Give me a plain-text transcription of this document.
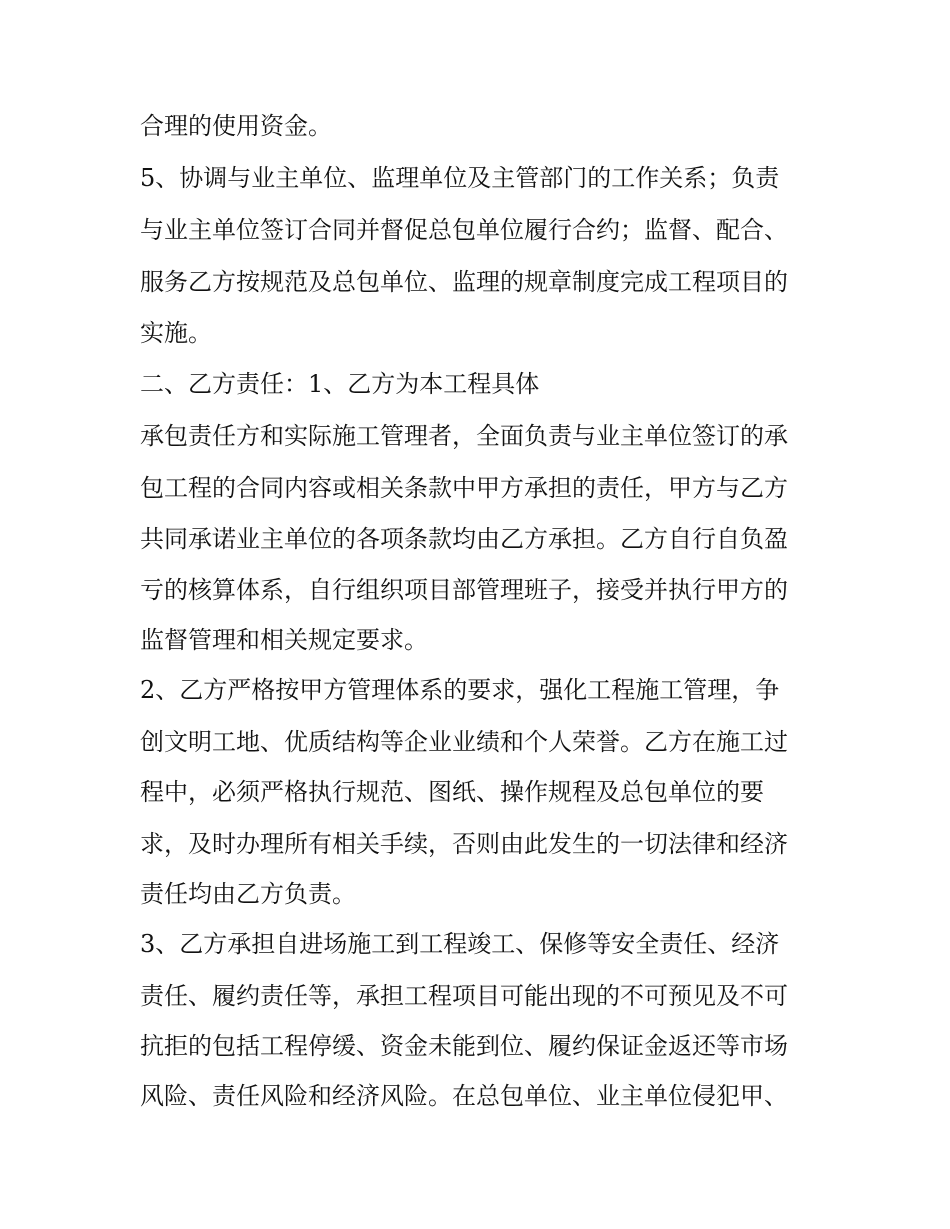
合理的使用资金。

5、协调与业主单位、监理单位及主管部门的工作关系；负责

与业主单位签订合同并督促总包单位履行合约；监督、配合、

服务乙方按规范及总包单位、监理的规章制度完成工程项目的

实施。

二、乙方责任：1、乙方为本工程具体

承包责任方和实际施工管理者，全面负责与业主单位签订的承

包工程的合同内容或相关条款中甲方承担的责任，甲方与乙方

共同承诺业主单位的各项条款均由乙方承担。乙方自行自负盈

亏的核算体系，自行组织项目部管理班子，接受并执行甲方的

监督管理和相关规定要求。

2、乙方严格按甲方管理体系的要求，强化工程施工管理，争

创文明工地、优质结构等企业业绩和个人荣誉。乙方在施工过

程中，必须严格执行规范、图纸、操作规程及总包单位的要

求，及时办理所有相关手续，否则由此发生的一切法律和经济

责任均由乙方负责。

3、乙方承担自进场施工到工程竣工、保修等安全责任、经济

责任、履约责任等，承担工程项目可能出现的不可预见及不可

抗拒的包括工程停缓、资金未能到位、履约保证金返还等市场

风险、责任风险和经济风险。在总包单位、业主单位侵犯甲、
